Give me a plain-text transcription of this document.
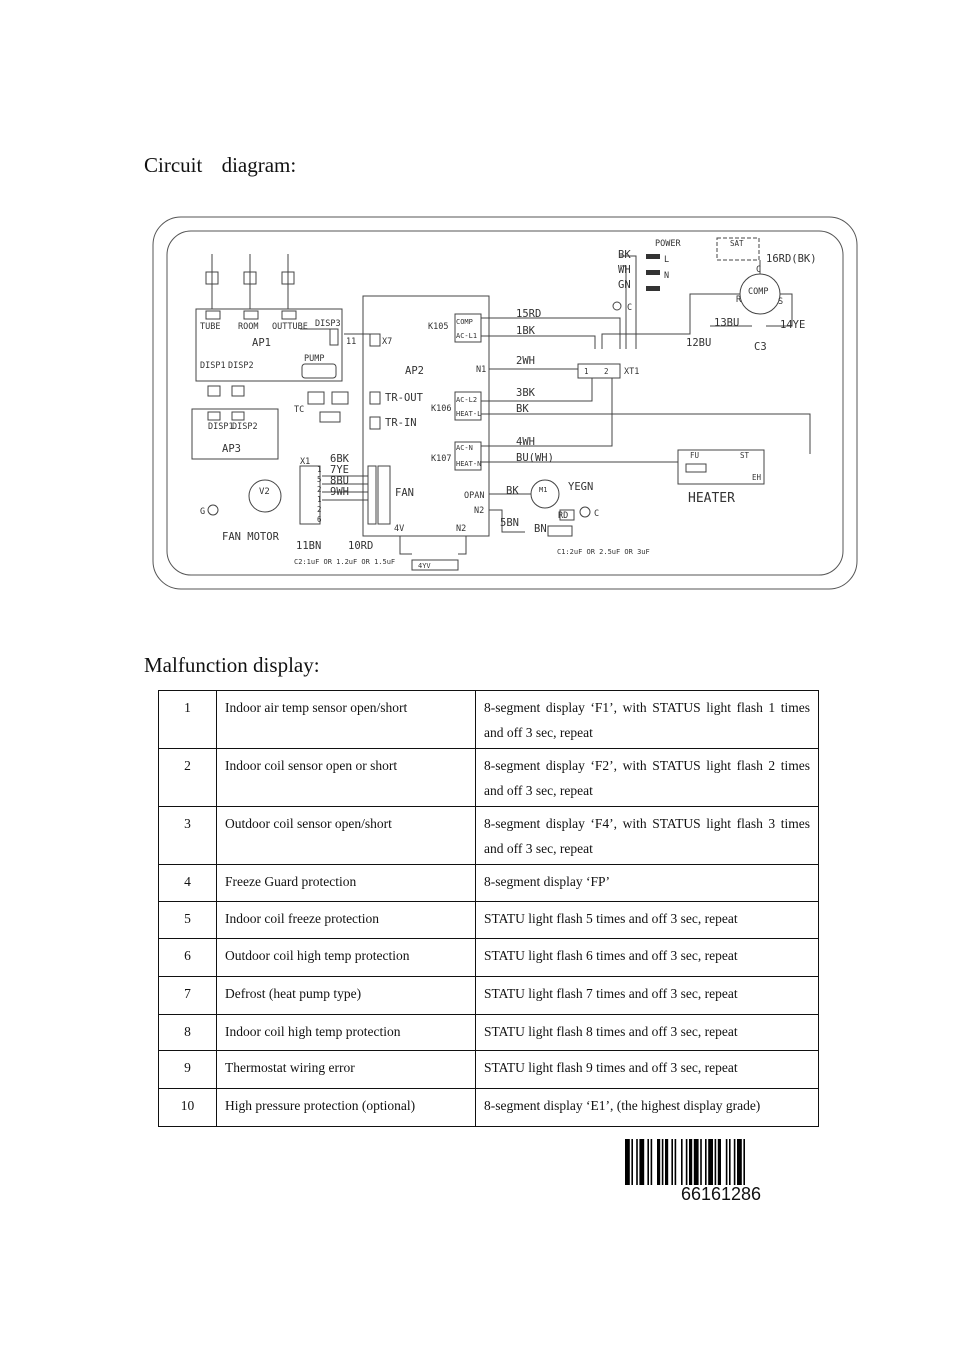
Circuit diagram:
TUBE ROOM OUTTUBE DISP3
DISP1 DISP2
PUMP
TC
DISP1
DISP2
11	X7
K105 COMP
AC-L1
N1
K106
AC-L2
HEAT-L
K107
AC-N
HEAT-N
OPAN
N2
4V	N2
X1
G
4YV
1
5
2
1
2
6
C2:1uF OR 1.2uF OR 1.5uF
POWER
L
N
C
SAT
C
R	S
COMP
1 2 XT1
FU	ST
EH
M1
RD	C
C1:2uF OR 2.5uF OR 3uF
AP1
AP3
AP2
TR-OUT
TR-IN
FAN
V2
FAN MOTOR
6BK
7YE
8BU
9WH
11BN	10RD
15RD
1BK
2WH
3BK
BK
4WH
BU(WH)
13BU
12BU
14YE
16RD(BK)
C3
BK
WH
GN
BK	YEGN
5BN BN
HEATER
Malfunction display:
1	Indoor air temp sensor open/short	8-segment display ‘F1’, with STATUS light flash 1 times and off 3 sec, repeat
2	Indoor coil sensor open or short	8-segment display ‘F2’, with STATUS light flash 2 times and off 3 sec, repeat
3	Outdoor coil sensor open/short	8-segment display ‘F4’, with STATUS light flash 3 times and off 3 sec, repeat
4	Freeze Guard protection	8-segment display ‘FP’
5	Indoor coil freeze protection	STATU light flash 5 times and off 3 sec, repeat
6	Outdoor coil high temp protection	STATU light flash 6 times and off 3 sec, repeat
7	Defrost (heat pump type)	STATU light flash 7 times and off 3 sec, repeat
8	Indoor coil high temp protection	STATU light flash 8 times and off 3 sec, repeat
9	Thermostat wiring error	STATU light flash 9 times and off 3 sec, repeat
10	High pressure protection (optional)	8-segment display ‘E1’, (the highest display grade)
66161286
